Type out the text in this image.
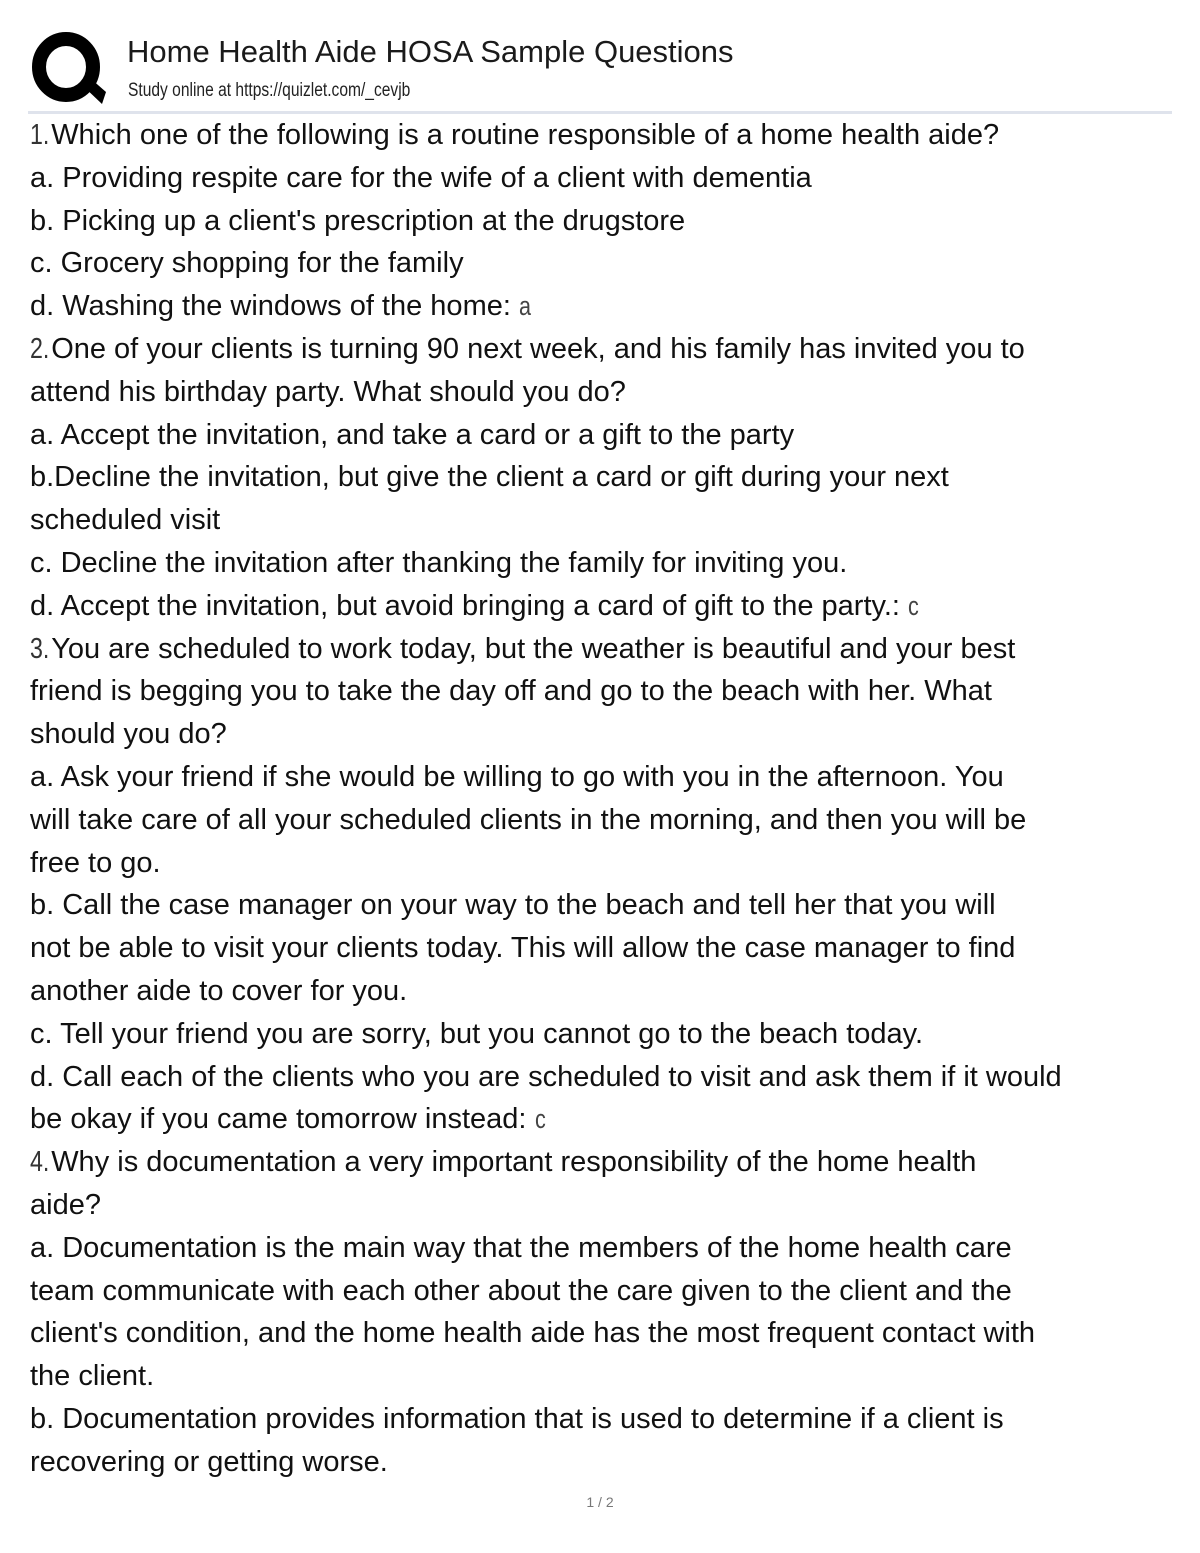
Home Health Aide HOSA Sample Questions
Study online at https://quizlet.com/_cevjb
1.Which one of the following is a routine responsible of a home health aide?
a. Providing respite care for the wife of a client with dementia
b. Picking up a client's prescription at the drugstore
c. Grocery shopping for the family
d. Washing the windows of the home: a
2.One of your clients is turning 90 next week, and his family has invited you to
attend his birthday party. What should you do?
a. Accept the invitation, and take a card or a gift to the party
b.Decline the invitation, but give the client a card or gift during your next
scheduled visit
c. Decline the invitation after thanking the family for inviting you.
d. Accept the invitation, but avoid bringing a card of gift to the party.: c
3.You are scheduled to work today, but the weather is beautiful and your best
friend is begging you to take the day off and go to the beach with her. What
should you do?
a. Ask your friend if she would be willing to go with you in the afternoon. You
will take care of all your scheduled clients in the morning, and then you will be
free to go.
b. Call the case manager on your way to the beach and tell her that you will
not be able to visit your clients today. This will allow the case manager to find
another aide to cover for you.
c. Tell your friend you are sorry, but you cannot go to the beach today.
d. Call each of the clients who you are scheduled to visit and ask them if it would
be okay if you came tomorrow instead: c
4.Why is documentation a very important responsibility of the home health
aide?
a. Documentation is the main way that the members of the home health care
team communicate with each other about the care given to the client and the
client's condition, and the home health aide has the most frequent contact with
the client.
b. Documentation provides information that is used to determine if a client is
recovering or getting worse.
1 / 2
